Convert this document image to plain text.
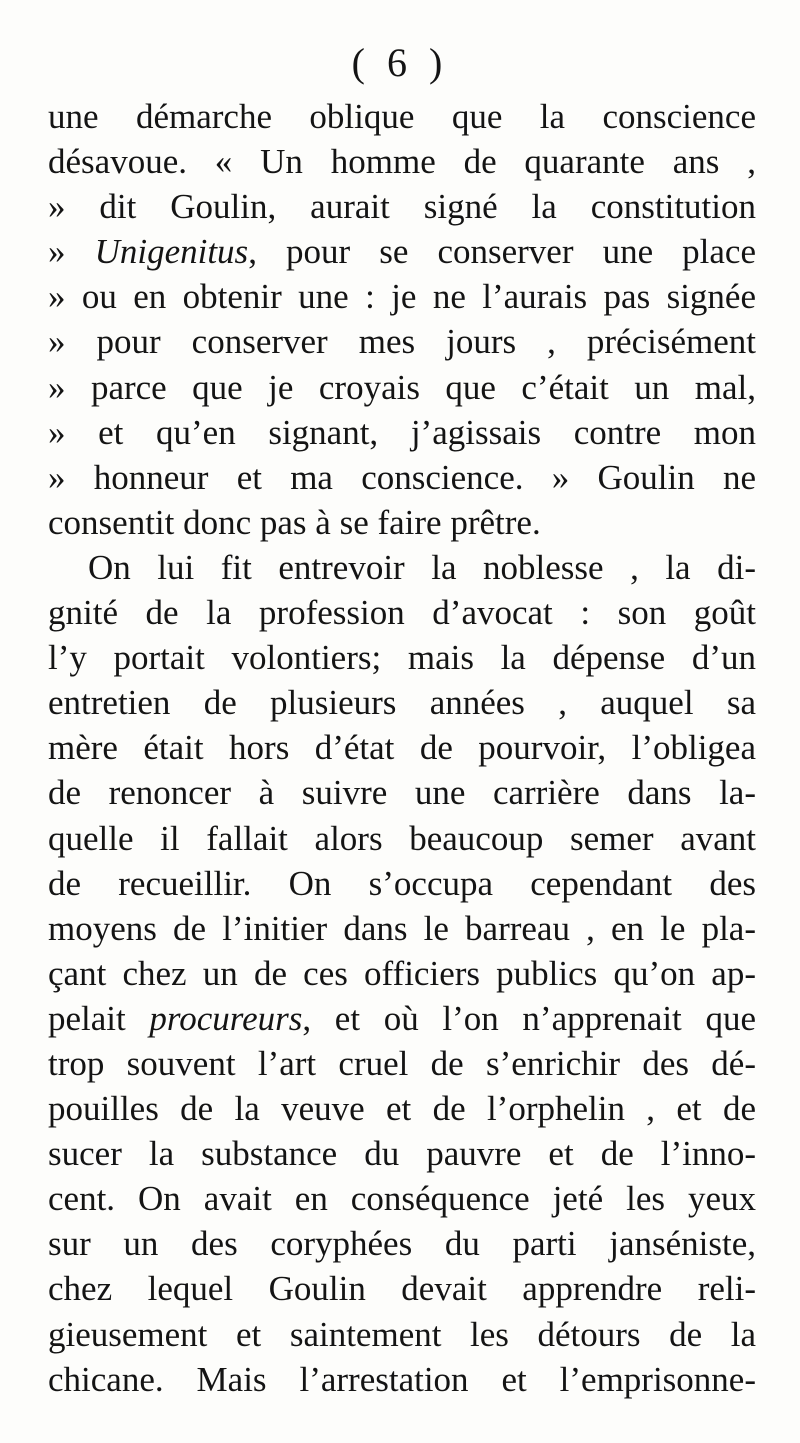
( 6 )
une démarche oblique que la conscience
désavoue. « Un homme de quarante ans ,
» dit Goulin, aurait signé la constitution
» Unigenitus, pour se conserver une place
» ou en obtenir une : je ne l’aurais pas signée
» pour conserver mes jours , précisément
» parce que je croyais que c’était un mal,
» et qu’en signant, j’agissais contre mon
» honneur et ma conscience. » Goulin ne
consentit donc pas à se faire prêtre.
On lui fit entrevoir la noblesse , la di-
gnité de la profession d’avocat : son goût
l’y portait volontiers; mais la dépense d’un
entretien de plusieurs années , auquel sa
mère était hors d’état de pourvoir, l’obligea
de renoncer à suivre une carrière dans la-
quelle il fallait alors beaucoup semer avant
de recueillir. On s’occupa cependant des
moyens de l’initier dans le barreau , en le pla-
çant chez un de ces officiers publics qu’on ap-
pelait procureurs, et où l’on n’apprenait que
trop souvent l’art cruel de s’enrichir des dé-
pouilles de la veuve et de l’orphelin , et de
sucer la substance du pauvre et de l’inno-
cent. On avait en conséquence jeté les yeux
sur un des coryphées du parti janséniste,
chez lequel Goulin devait apprendre reli-
gieusement et saintement les détours de la
chicane. Mais l’arrestation et l’emprisonne-
